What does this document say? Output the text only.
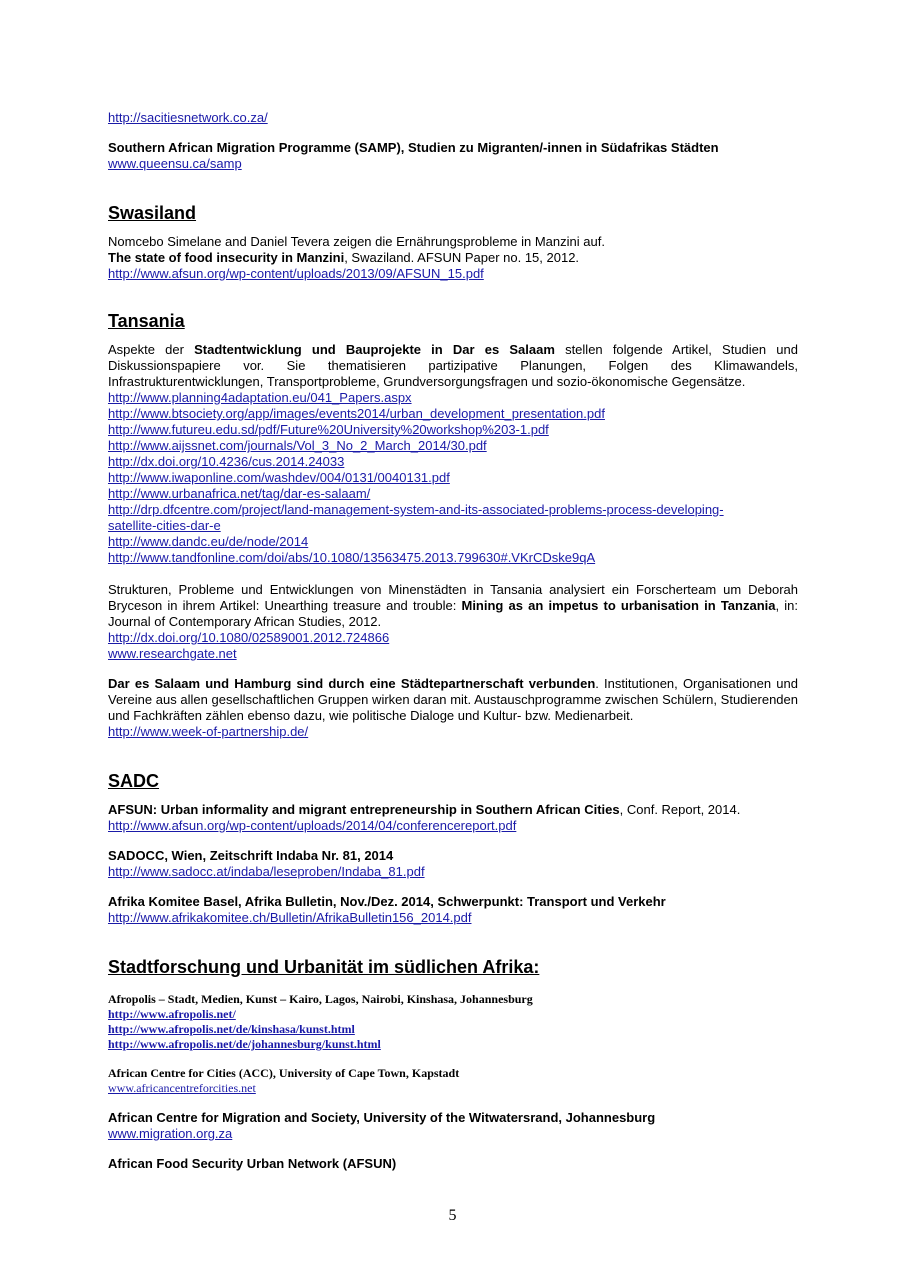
http://sacitiesnetwork.co.za/
Southern African Migration Programme (SAMP), Studien zu Migranten/-innen in Südafrikas Städten
www.queensu.ca/samp
Swasiland
Nomcebo Simelane and Daniel Tevera zeigen die Ernährungsprobleme in Manzini auf.
The state of food insecurity in Manzini, Swaziland. AFSUN Paper no. 15, 2012.
http://www.afsun.org/wp-content/uploads/2013/09/AFSUN_15.pdf
Tansania
Aspekte der Stadtentwicklung und Bauprojekte in Dar es Salaam stellen folgende Artikel, Studien und Diskussionspapiere vor. Sie thematisieren partizipative Planungen, Folgen des Klimawandels, Infrastrukturentwicklungen, Transportprobleme, Grundversorgungsfragen und sozio-ökonomische Gegensätze.
http://www.planning4adaptation.eu/041_Papers.aspx
http://www.btsociety.org/app/images/events2014/urban_development_presentation.pdf
http://www.futureu.edu.sd/pdf/Future%20University%20workshop%203-1.pdf
http://www.aijssnet.com/journals/Vol_3_No_2_March_2014/30.pdf
http://dx.doi.org/10.4236/cus.2014.24033
http://www.iwaponline.com/washdev/004/0131/0040131.pdf
http://www.urbanafrica.net/tag/dar-es-salaam/
http://drp.dfcentre.com/project/land-management-system-and-its-associated-problems-process-developing-
satellite-cities-dar-e
http://www.dandc.eu/de/node/2014
http://www.tandfonline.com/doi/abs/10.1080/13563475.2013.799630#.VKrCDske9qA
Strukturen, Probleme und Entwicklungen von Minenstädten in Tansania analysiert ein Forscherteam um Deborah Bryceson in ihrem Artikel: Unearthing treasure and trouble: Mining as an impetus to urbanisation in Tanzania, in: Journal of Contemporary African Studies, 2012.
http://dx.doi.org/10.1080/02589001.2012.724866
www.researchgate.net
Dar es Salaam und Hamburg sind durch eine Städtepartnerschaft verbunden. Institutionen, Organisationen und Vereine aus allen gesellschaftlichen Gruppen wirken daran mit. Austauschprogramme zwischen Schülern, Studierenden und Fachkräften zählen ebenso dazu, wie politische Dialoge und Kultur- bzw. Medienarbeit.
http://www.week-of-partnership.de/
SADC
AFSUN: Urban informality and migrant entrepreneurship in Southern African Cities, Conf. Report, 2014.
http://www.afsun.org/wp-content/uploads/2014/04/conferencereport.pdf
SADOCC, Wien, Zeitschrift Indaba Nr. 81, 2014
http://www.sadocc.at/indaba/leseproben/Indaba_81.pdf
Afrika Komitee Basel, Afrika Bulletin, Nov./Dez. 2014, Schwerpunkt: Transport und Verkehr
http://www.afrikakomitee.ch/Bulletin/AfrikaBulletin156_2014.pdf
Stadtforschung und Urbanität im südlichen Afrika:
Afropolis – Stadt, Medien, Kunst – Kairo, Lagos, Nairobi, Kinshasa, Johannesburg
http://www.afropolis.net/
http://www.afropolis.net/de/kinshasa/kunst.html
http://www.afropolis.net/de/johannesburg/kunst.html
African Centre for Cities (ACC), University of Cape Town, Kapstadt
www.africancentreforcities.net
African Centre for Migration and Society, University of the Witwatersrand, Johannesburg
www.migration.org.za
African Food Security Urban Network (AFSUN)
5
